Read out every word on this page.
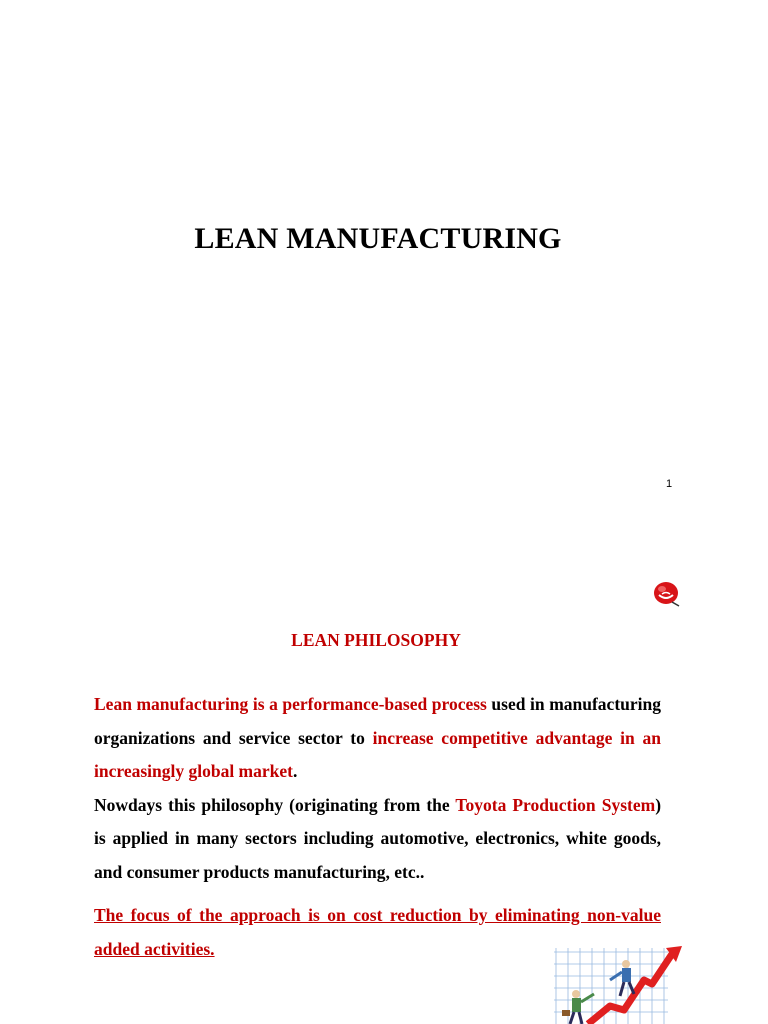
LEAN MANUFACTURING
1
LEAN PHILOSOPHY

Lean manufacturing is a performance-based process used in manufacturing organizations and service sector to increase competitive advantage in an increasingly global market.

Nowdays this philosophy (originating from the Toyota Production System) is applied in many sectors including automotive, electronics, white goods, and consumer products manufacturing, etc..

The focus of the approach is on cost reduction by eliminating non-value added activities.
